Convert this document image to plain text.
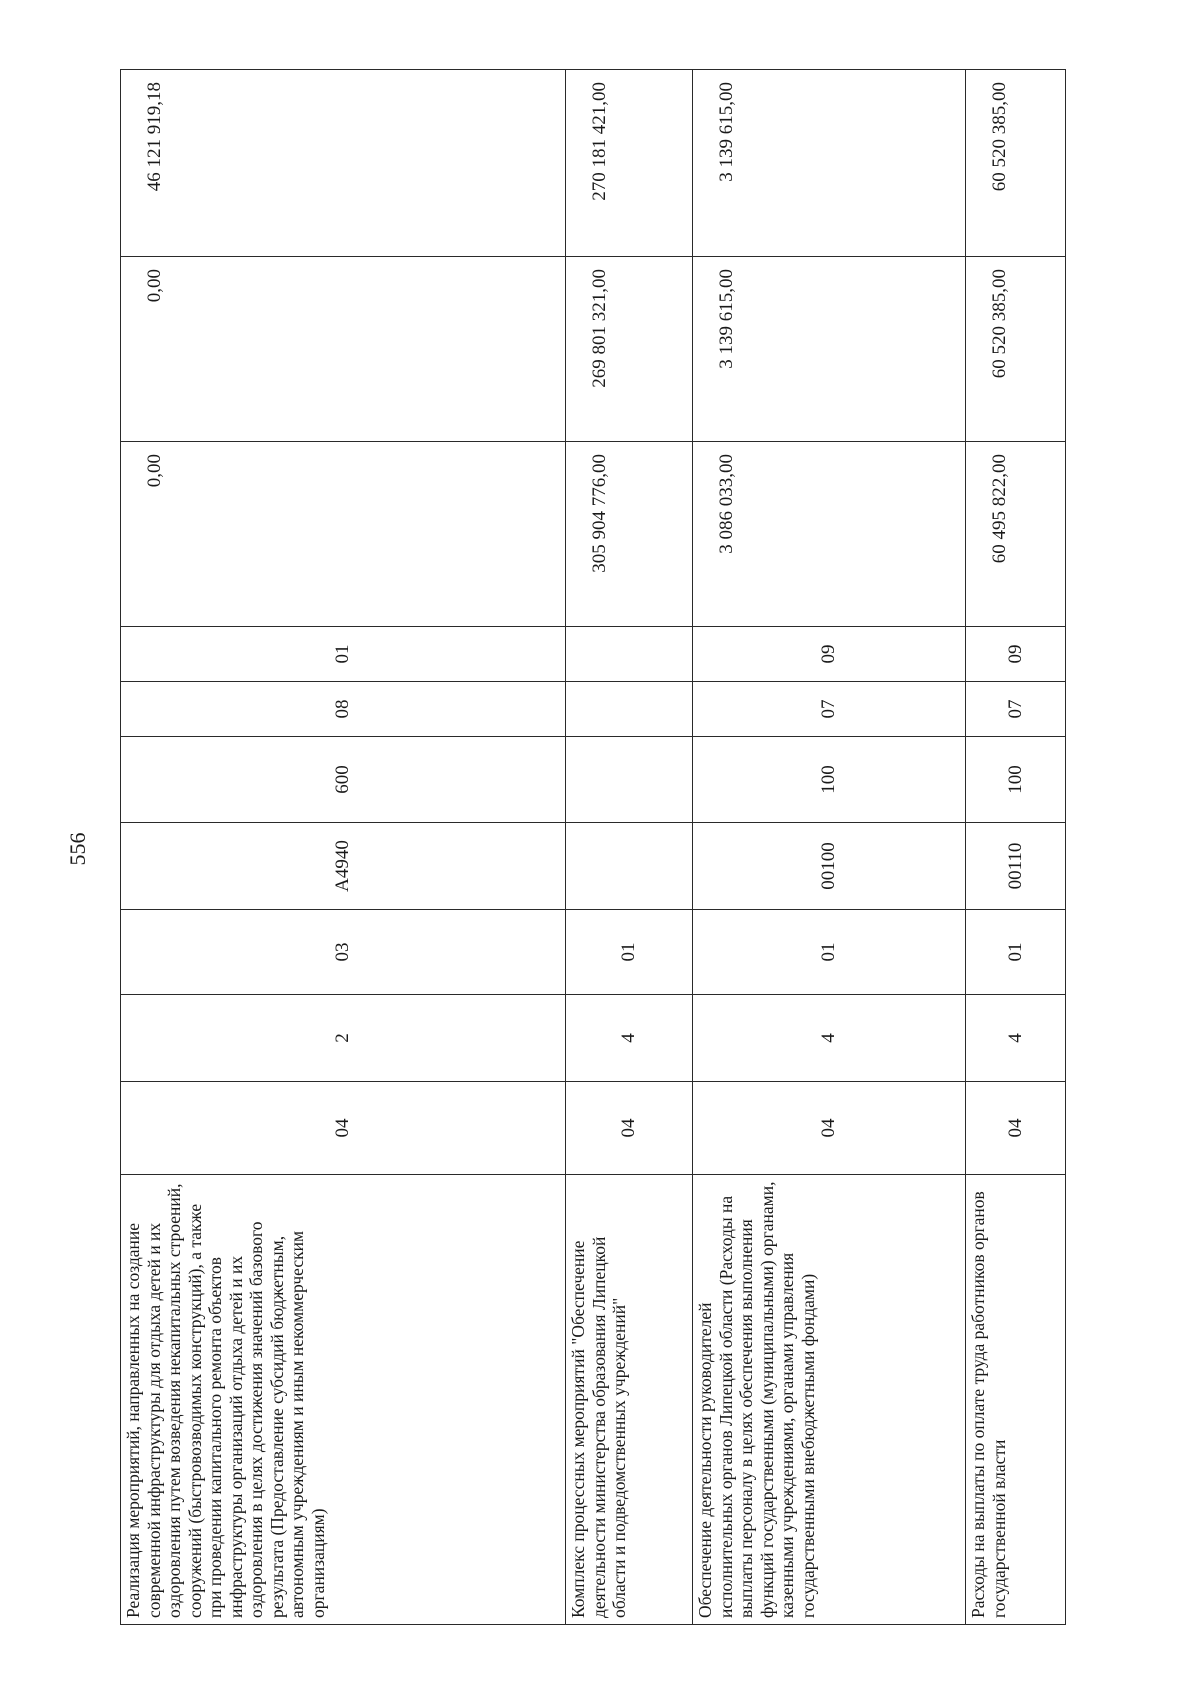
556
Реализация мероприятий, направленных на создание современной инфраструктуры для отдыха детей и их оздоровления путем возведения некапитальных строений, сооружений (быстровозводимых конструкций), а также при проведении капитального ремонта объектов инфраструктуры организаций отдыха детей и их оздоровления в целях достижения значений базового результата (Предоставление субсидий бюджетным, автономным учреждениям и иным некоммерческим организациям)	04	2	03	A4940	600	08	01	0,00	0,00	46 121 919,18
Комплекс процессных мероприятий "Обеспечение деятельности министерства образования Липецкой области и подведомственных учреждений"	04	4	01					305 904 776,00	269 801 321,00	270 181 421,00
Обеспечение деятельности руководителей исполнительных органов Липецкой области (Расходы на выплаты персоналу в целях обеспечения выполнения функций государственными (муниципальными) органами, казенными учреждениями, органами управления государственными внебюджетными фондами)	04	4	01	00100	100	07	09	3 086 033,00	3 139 615,00	3 139 615,00
Расходы на выплаты по оплате труда работников органов государственной власти	04	4	01	00110	100	07	09	60 495 822,00	60 520 385,00	60 520 385,00
